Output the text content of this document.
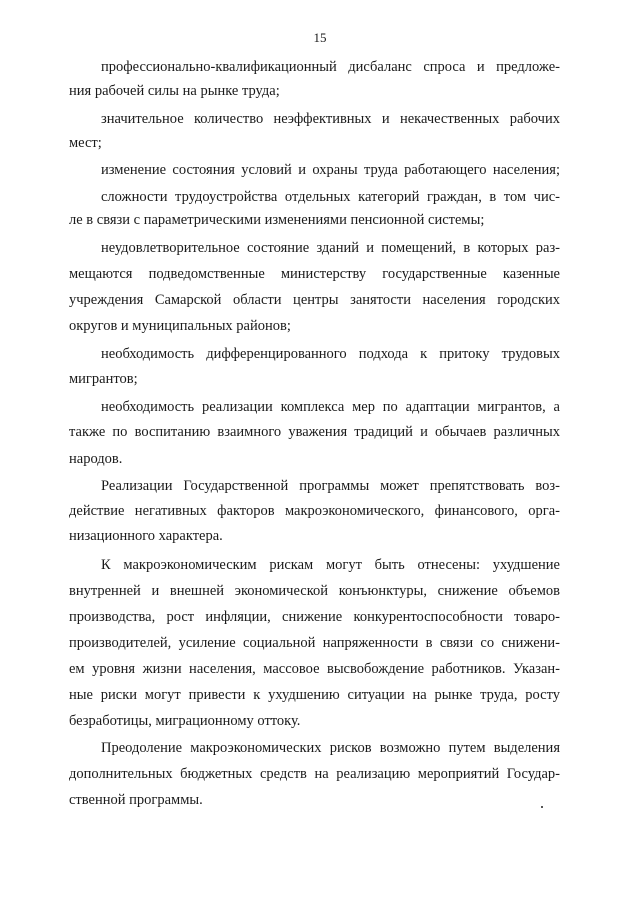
15
профессионально-квалификационный дисбаланс спроса и предложе-
ния рабочей силы на рынке труда;
значительное количество неэффективных и некачественных рабочих
мест;
изменение состояния условий и охраны труда работающего населения;
сложности трудоустройства отдельных категорий граждан, в том чис-
ле в связи с параметрическими изменениями пенсионной системы;
неудовлетворительное состояние зданий и помещений, в которых раз-
мещаются подведомственные министерству государственные казенные
учреждения Самарской области центры занятости населения городских
округов и муниципальных районов;
необходимость дифференцированного подхода к притоку трудовых
мигрантов;
необходимость реализации комплекса мер по адаптации мигрантов, а
также по воспитанию взаимного уважения традиций и обычаев различных
народов.
Реализации Государственной программы может препятствовать воз-
действие негативных факторов макроэкономического, финансового, орга-
низационного характера.
К макроэкономическим рискам могут быть отнесены: ухудшение
внутренней и внешней экономической конъюнктуры, снижение объемов
производства, рост инфляции, снижение конкурентоспособности товаро-
производителей, усиление социальной напряженности в связи со снижени-
ем уровня жизни населения, массовое высвобождение работников. Указан-
ные риски могут привести к ухудшению ситуации на рынке труда, росту
безработицы, миграционному оттоку.
Преодоление макроэкономических рисков возможно путем выделения
дополнительных бюджетных средств на реализацию мероприятий Государ-
ственной программы.
